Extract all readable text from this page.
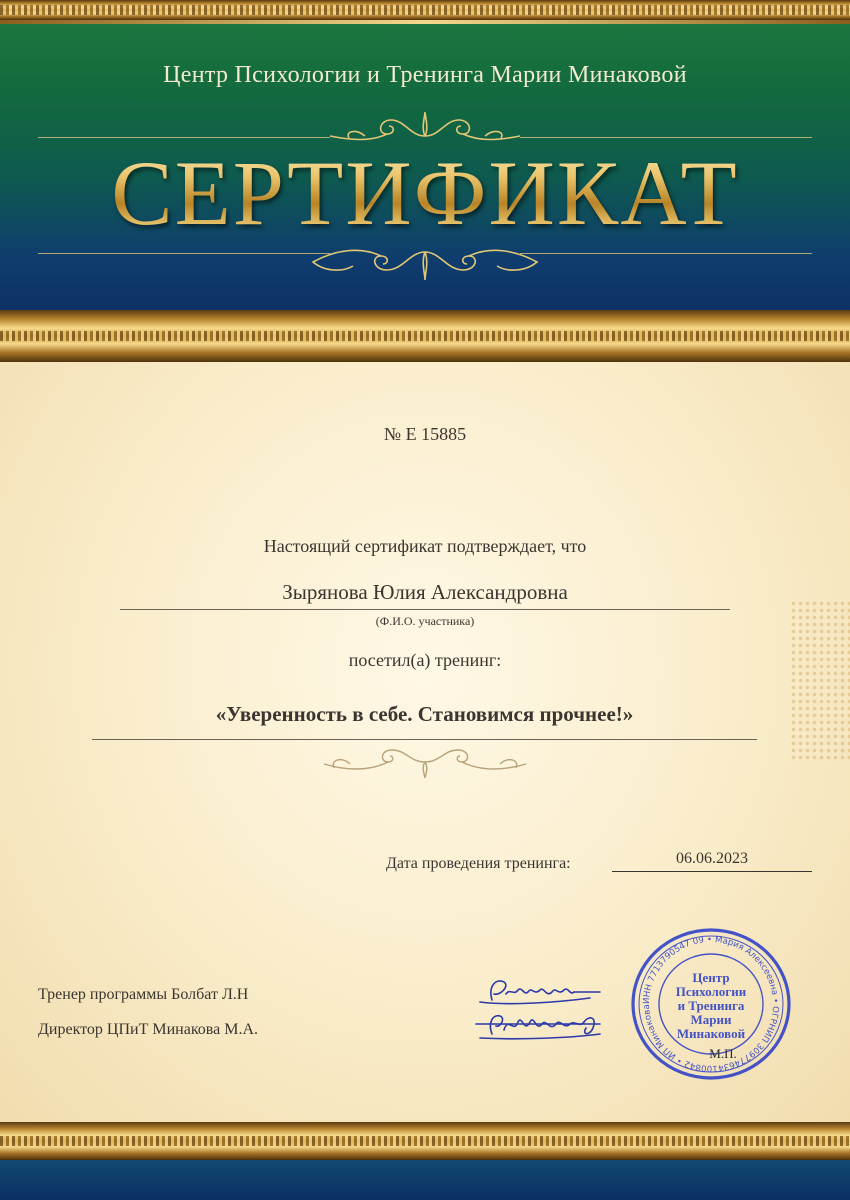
Центр Психологии и Тренинга Марии Минаковой
СЕРТИФИКАТ
№ Е 15885
Настоящий сертификат подтверждает, что
Зырянова Юлия Александровна
(Ф.И.О. участника)
посетил(а) тренинг:
«Уверенность в себе. Становимся прочнее!»
Дата проведения тренинга:	06.06.2023
Тренер программы Болбат Л.Н
Директор ЦПиТ Минакова М.А.
ИНН 7713790547 09 • Мария Алексеевна • ОГРНИП 309774634100842 • ИП Минакова
Центр
Психологии
и Тренинга
Марии
Минаковой
М.П.
